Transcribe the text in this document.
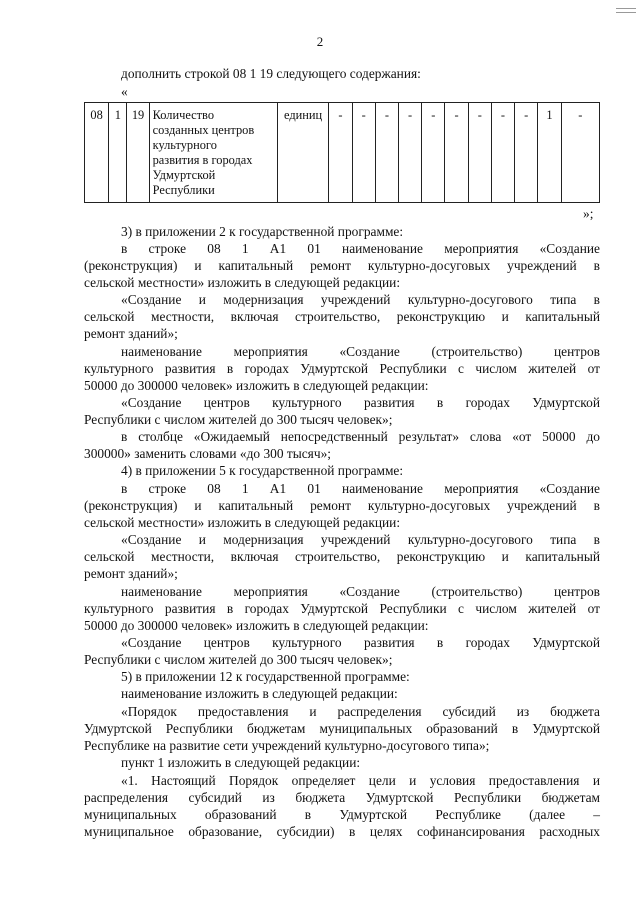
2
дополнить строкой 08 1 19 следующего содержания:
«
08	1	19	Количество
созданных центров
культурного
развития в городах
Удмуртской
Республики
	единиц	-	-	-	-	-	-	-	-	-	1	-
»;
3) в приложении 2 к государственной программе:
в строке 08 1 А1 01 наименование мероприятия «Создание
(реконструкция) и капитальный ремонт культурно-досуговых учреждений в
сельской местности» изложить в следующей редакции:
«Создание и модернизация учреждений культурно-досугового типа в
сельской местности, включая строительство, реконструкцию и капитальный
ремонт зданий»;
наименование мероприятия «Создание (строительство) центров
культурного развития в городах Удмуртской Республики с числом жителей от
50000 до 300000 человек» изложить в следующей редакции:
«Создание центров культурного развития в городах Удмуртской
Республики с числом жителей до 300 тысяч человек»;
в столбце «Ожидаемый непосредственный результат» слова «от 50000 до
300000» заменить словами «до 300 тысяч»;
4) в приложении 5 к государственной программе:
в строке 08 1 А1 01 наименование мероприятия «Создание
(реконструкция) и капитальный ремонт культурно-досуговых учреждений в
сельской местности» изложить в следующей редакции:
«Создание и модернизация учреждений культурно-досугового типа в
сельской местности, включая строительство, реконструкцию и капитальный
ремонт зданий»;
наименование мероприятия «Создание (строительство) центров
культурного развития в городах Удмуртской Республики с числом жителей от
50000 до 300000 человек» изложить в следующей редакции:
«Создание центров культурного развития в городах Удмуртской
Республики с числом жителей до 300 тысяч человек»;
5) в приложении 12 к государственной программе:
наименование изложить в следующей редакции:
«Порядок предоставления и распределения субсидий из бюджета
Удмуртской Республики бюджетам муниципальных образований в Удмуртской
Республике на развитие сети учреждений культурно-досугового типа»;
пункт 1 изложить в следующей редакции:
«1. Настоящий Порядок определяет цели и условия предоставления и
распределения субсидий из бюджета Удмуртской Республики бюджетам
муниципальных образований в Удмуртской Республике (далее –
муниципальное образование, субсидии) в целях софинансирования расходных
